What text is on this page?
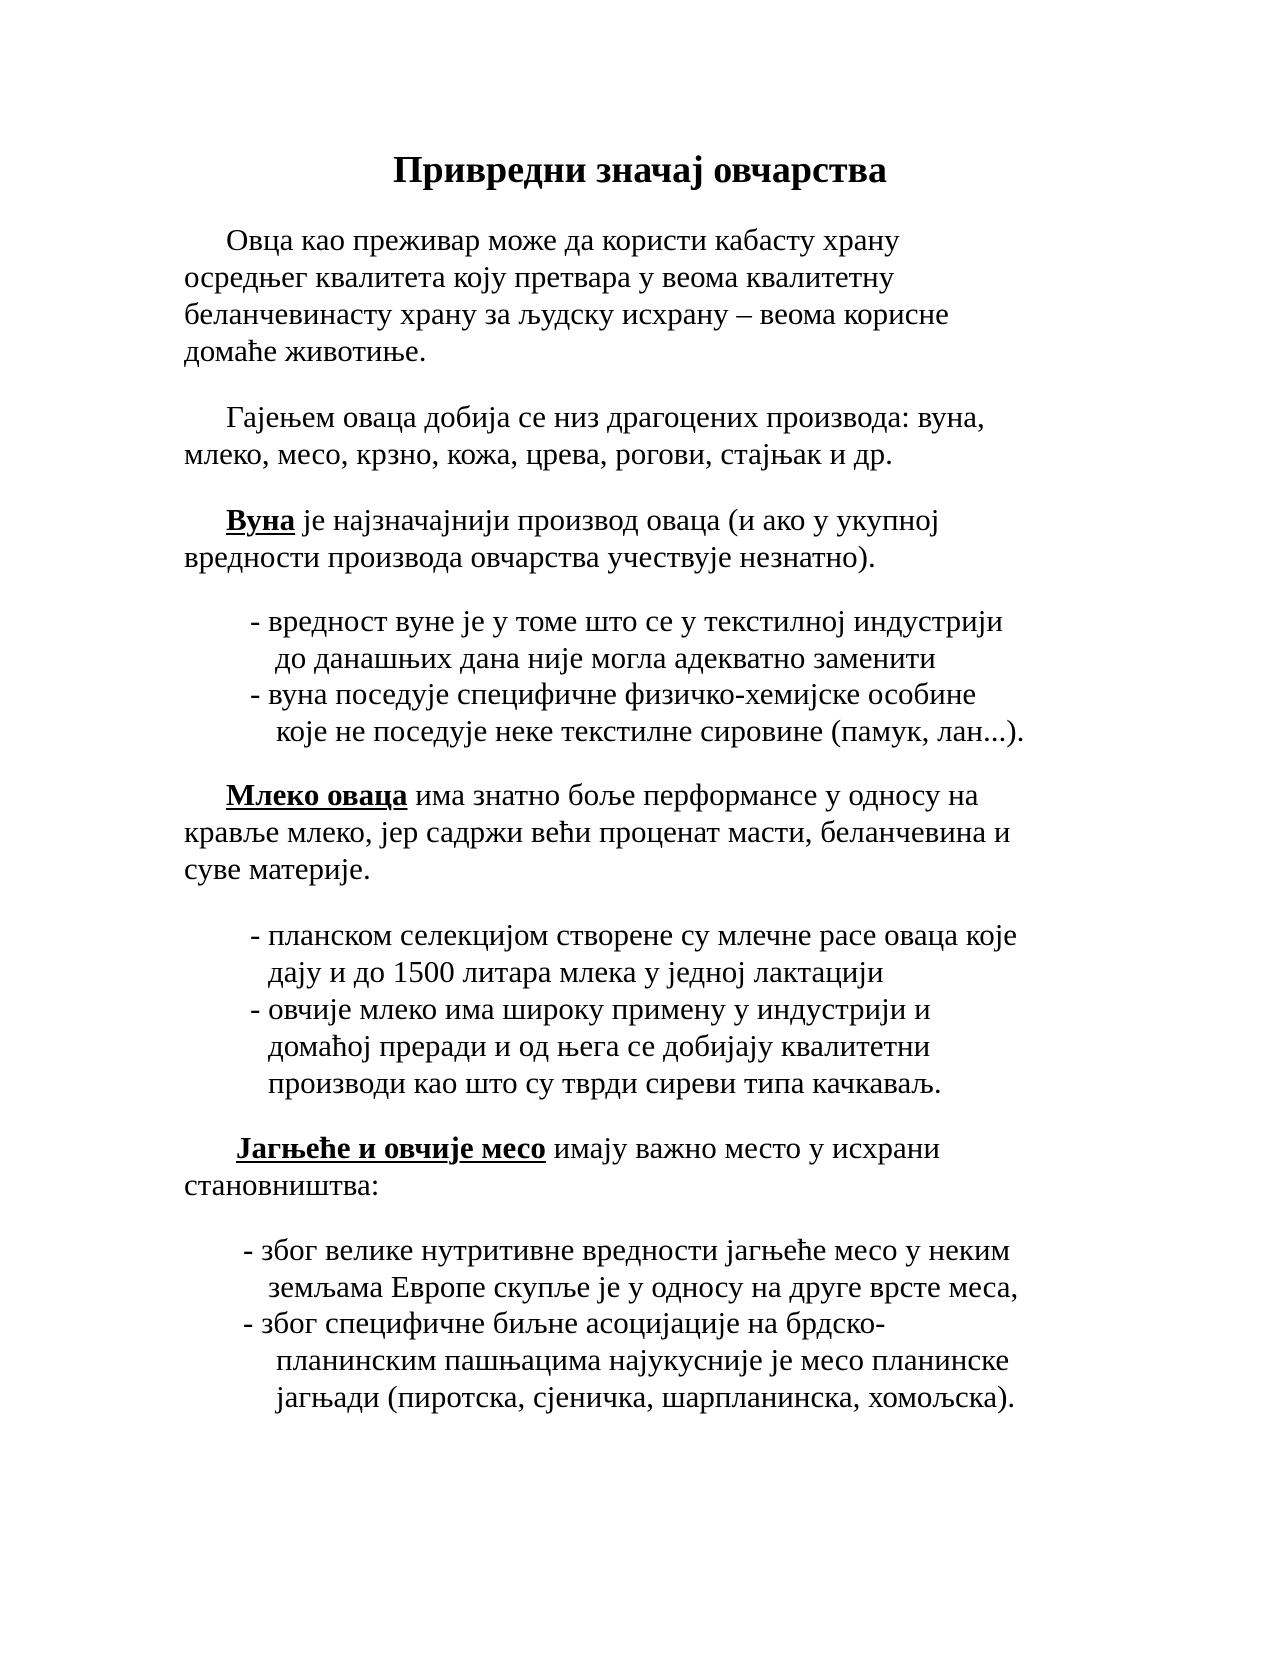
Привредни значај овчарства
Овца као преживар може да користи кабасту храну
осредњег квалитета коју претвара у веома квалитетну
беланчевинасту храну за људску исхрану – веома корисне
домаће животиње.
Гајењем оваца добија се низ драгоцених производа: вуна,
млеко, месо, крзно, кожа, црева, рогови, стајњак и др.
Вуна је најзначајнији производ оваца (и ако у укупној
вредности производа овчарства учествује незнатно).
- вредност вуне је у томе што се у текстилној индустрији
до данашњих дана није могла адекватно заменити
- вуна поседује специфичне физичко-хемијске особине
које не поседује неке текстилне сировине (памук, лан...).
Млеко оваца има знатно боље перформансе у односу на
крављe млеко, јер садржи већи проценат масти, беланчевина и
суве материје.
- планском селекцијом створене су млечне расе оваца које
дају и до 1500 литара млека у једној лактацији
- овчије млеко има широку примену у индустрији и
домаћој преради и од њега се добијају квалитетни
производи као што су тврди сиреви типа качкаваљ.
Јагњеће и овчије месо имају важно место у исхрани
становништва:
- због велике нутритивне вредности јагњеће месо у неким
земљама Европе скупље је у односу на друге врсте меса,
- због специфичне биљне асоцијације на брдско-
планинским пашњацима најукусније је месо планинске
јагњади (пиротска, сјеничка, шарпланинска, хомољска).
